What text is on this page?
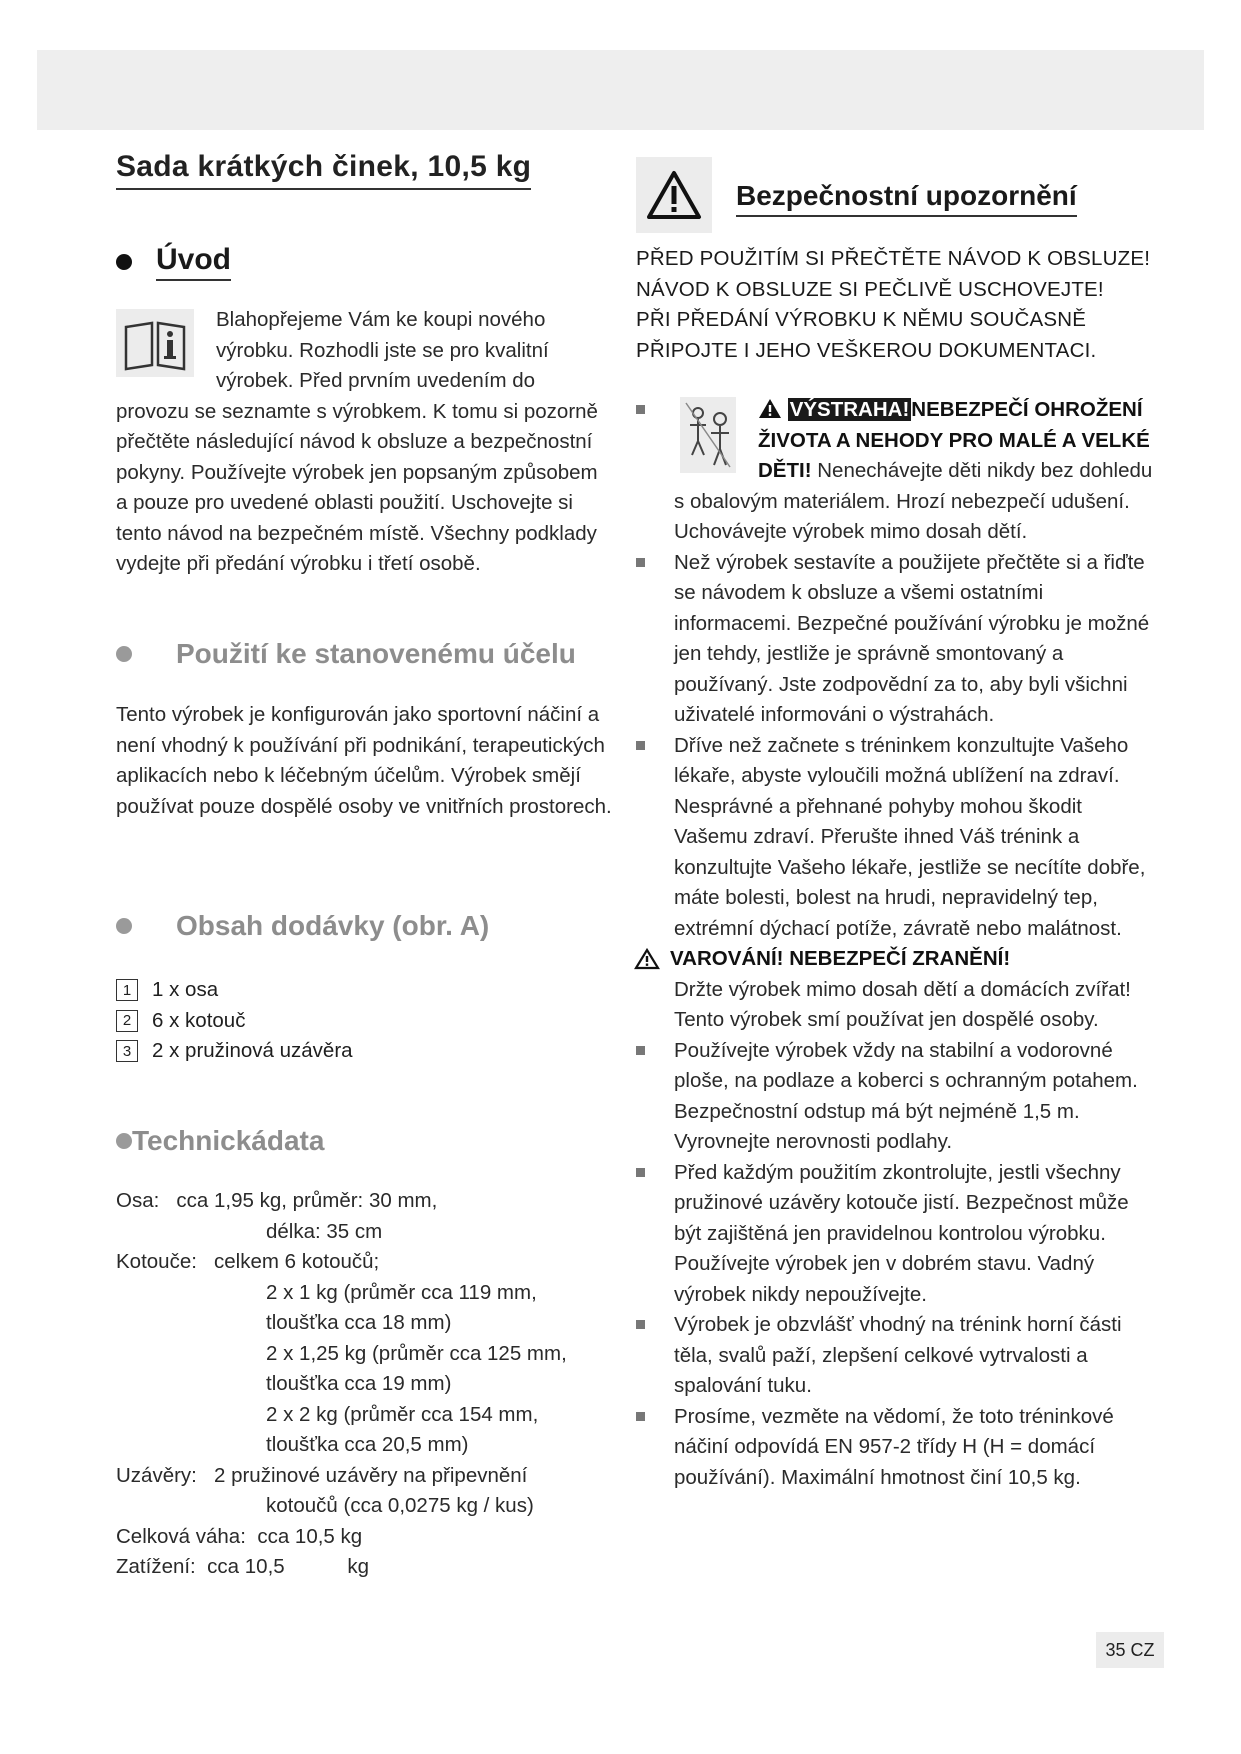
Sada krátkých činek, 10,5 kg
Úvod
Blahopřejeme Vám ke koupi nového výrobku. Rozhodli jste se pro kvalitní výrobek. Před prvním uvedením do provozu se seznamte s výrobkem. K tomu si pozorně přečtěte následující návod k obsluze a bezpečnostní pokyny. Používejte výrobek jen popsaným způsobem a pouze pro uvedené oblasti použití. Uschovejte si tento návod na bezpečném místě. Všechny podklady vydejte při předání výrobku i třetí osobě.
Použití ke stanovenému účelu

Tento výrobek je konfigurován jako sportovní náčiní a není vhodný k používání při podnikání, terapeutických aplikacích nebo k léčebným účelům. Výrobek smějí používat pouze dospělé osoby ve vnitřních prostorech.

Obsah dodávky (obr. A)
1	1 x osa
2	6 x kotouč
3	2 x pružinová uzávěra
Technickádata
Osa: cca 1,95 kg, průměr: 30 mm,
délka: 35 cm
Kotouče: celkem 6 kotoučů;
2 x 1 kg (průměr cca 119 mm,
tloušťka cca 18 mm)
2 x 1,25 kg (průměr cca 125 mm,
tloušťka cca 19 mm)
2 x 2 kg (průměr cca 154 mm,
tloušťka cca 20,5 mm)
Uzávěry: 2 pružinové uzávěry na připevnění
kotoučů (cca 0,0275 kg / kus)
Celková váha: cca 10,5 kg
Zatížení: cca 10,5           kg
Bezpečnostní upozornění
PŘED POUŽITÍM SI PŘEČTĚTE NÁVOD K OBSLUZE!
NÁVOD K OBSLUZE SI PEČLIVĚ USCHOVEJTE!
PŘI PŘEDÁNÍ VÝROBKU K NĚMU SOUČASNĚ
PŘIPOJTE I JEHO VEŠKEROU DOKUMENTACI.
VÝSTRAHA!NEBEZPEČÍ OHROŽENÍ ŽIVOTA A NEHODY PRO MALÉ A VELKÉ DĚTI! Nenechávejte děti nikdy bez dohledu s obalovým materiálem. Hrozí nebezpečí udušení. Uchovávejte výrobek mimo dosah dětí.
Než výrobek sestavíte a použijete přečtěte si a řiďte se návodem k obsluze a všemi ostatními informacemi. Bezpečné používání výrobku je možné jen tehdy, jestliže je správně smontovaný a používaný. Jste zodpovědní za to, aby byli všichni uživatelé informováni o výstrahách.
Dříve než začnete s tréninkem konzultujte Vašeho lékaře, abyste vyloučili možná ublížení na zdraví. Nesprávné a přehnané pohyby mohou škodit Vašemu zdraví. Přerušte ihned Váš trénink a konzultujte Vašeho lékaře, jestliže se necítíte dobře, máte bolesti, bolest na hrudi, nepravidelný tep, extrémní dýchací potíže, závratě nebo malátnost.
VAROVÁNÍ! NEBEZPEČÍ ZRANĚNÍ!
Držte výrobek mimo dosah dětí a domácích zvířat! Tento výrobek smí používat jen dospělé osoby.
Používejte výrobek vždy na stabilní a vodorovné ploše, na podlaze a koberci s ochranným potahem. Bezpečnostní odstup má být nejméně 1,5 m. Vyrovnejte nerovnosti podlahy.
Před každým použitím zkontrolujte, jestli všechny pružinové uzávěry kotouče jistí. Bezpečnost může být zajištěná jen pravidelnou kontrolou výrobku. Používejte výrobek jen v dobrém stavu. Vadný výrobek nikdy nepoužívejte.
Výrobek je obzvlášť vhodný na trénink horní části těla, svalů paží, zlepšení celkové vytrvalosti a spalování tuku.
Prosíme, vezměte na vědomí, že toto tréninkové náčiní odpovídá EN 957-2 třídy H (H = domácí používání). Maximální hmotnost činí 10,5 kg.
35 CZ
